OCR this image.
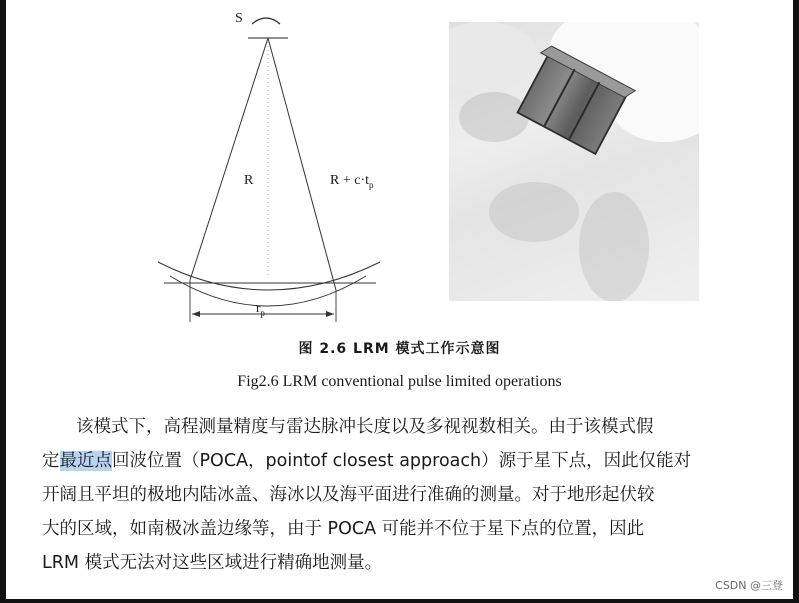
S
R	$R + c\cdot t_p$
$r_p$
图 2.6 LRM 模式工作示意图
Fig2.6 LRM conventional pulse limited operations
该模式下，高程测量精度与雷达脉冲长度以及多视视数相关。由于该模式假
定最近点回波位置（POCA，pointof closest approach）源于星下点，因此仅能对
开阔且平坦的极地内陆冰盖、海冰以及海平面进行准确的测量。对于地形起伏较
大的区域，如南极冰盖边缘等，由于 POCA 可能并不位于星下点的位置，因此
LRM 模式无法对这些区域进行精确地测量。
CSDN @三登
